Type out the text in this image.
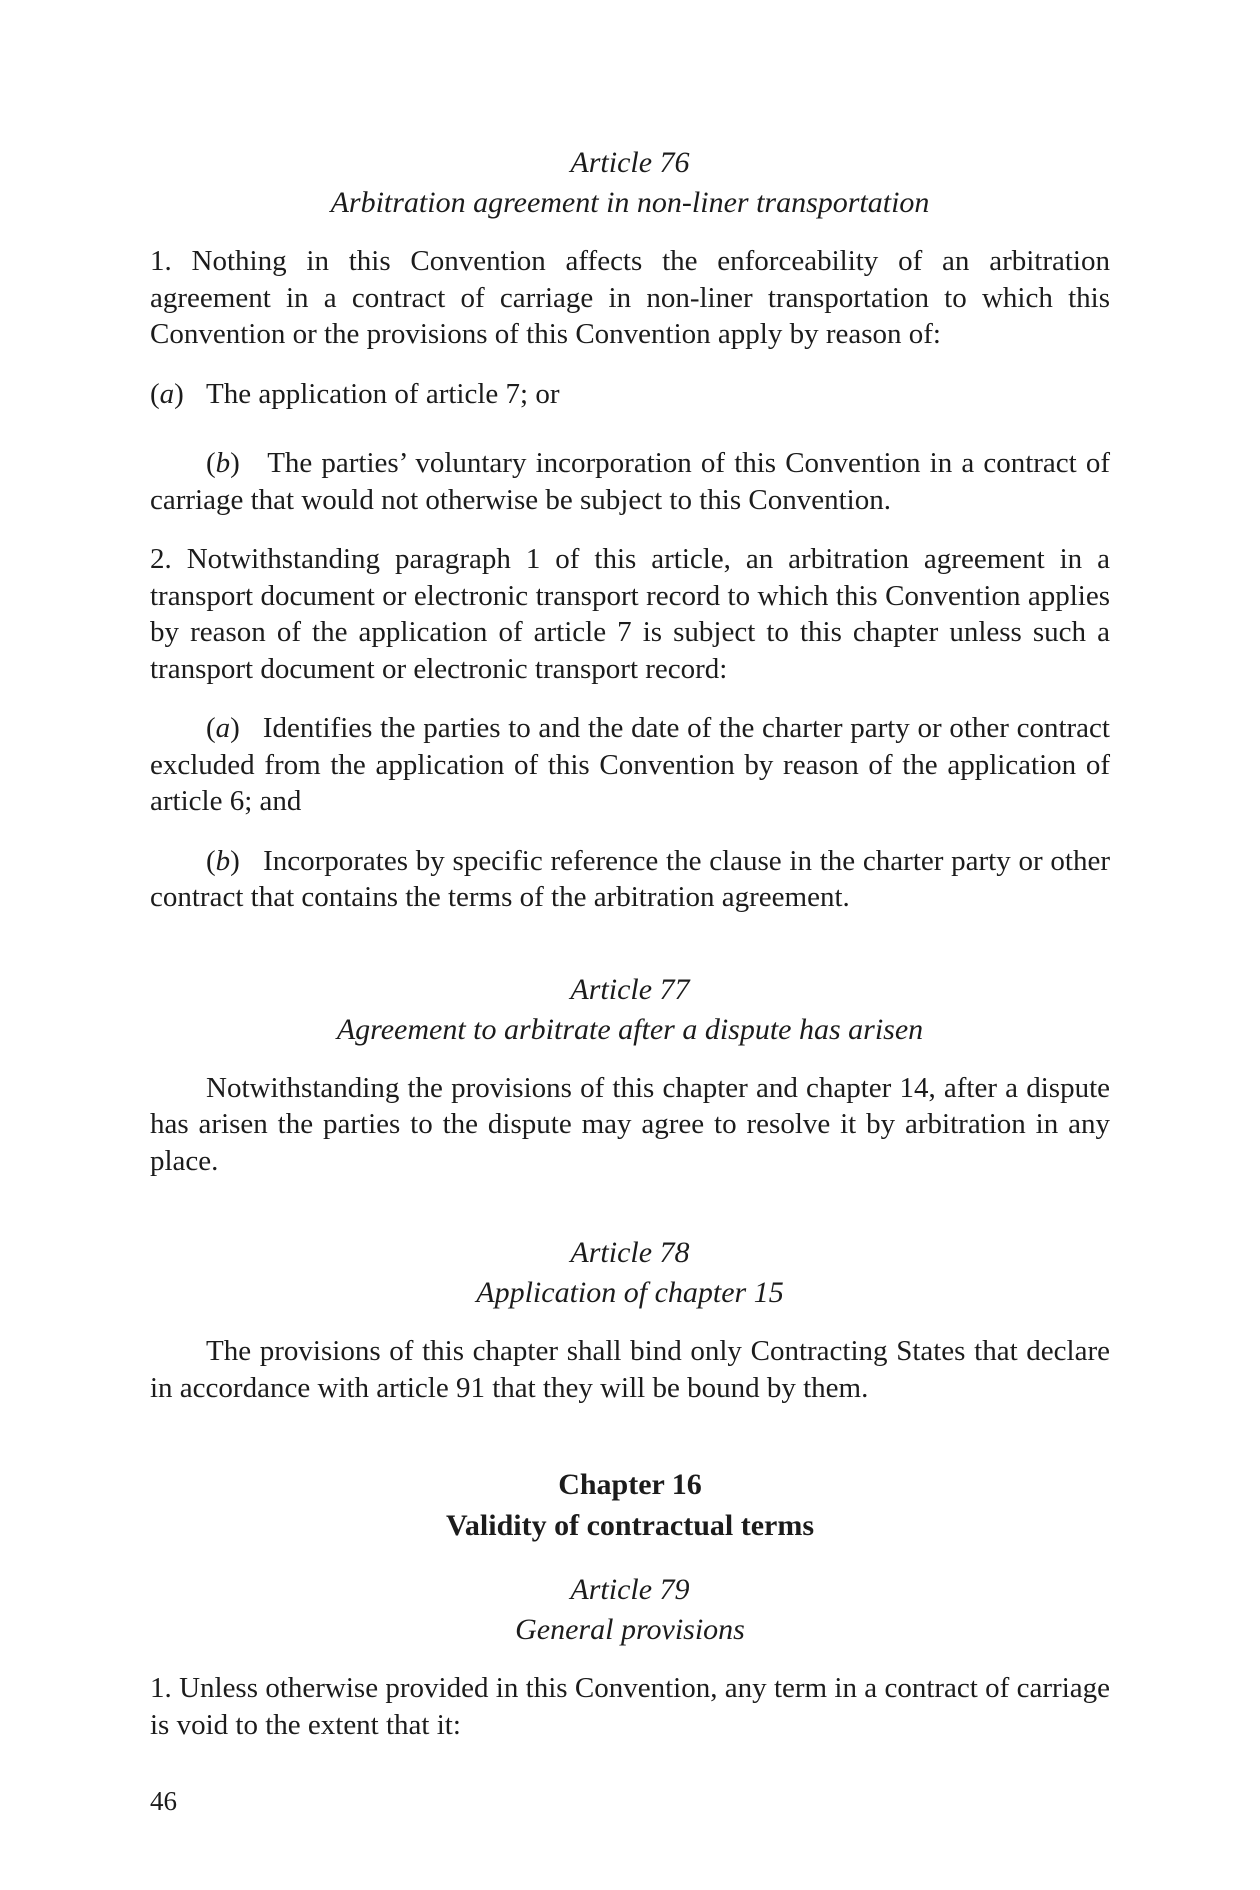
Article 76
Arbitration agreement in non-liner transportation

1. Nothing in this Convention affects the enforceability of an arbitration agreement in a contract of carriage in non-liner transportation to which this Convention or the provisions of this Convention apply by reason of:

(a) The application of article 7; or

(b)   The parties’ voluntary incorporation of this Convention in a contract of carriage that would not otherwise be subject to this Convention.

2. Notwithstanding paragraph 1 of this article, an arbitration agreement in a transport document or electronic transport record to which this Convention applies by reason of the application of article 7 is subject to this chapter unless such a transport document or electronic transport record:

(a)   Identifies the parties to and the date of the charter party or other contract excluded from the application of this Convention by reason of the application of article 6; and

(b)   Incorporates by specific reference the clause in the charter party or other contract that contains the terms of the arbitration agreement.

Article 77
Agreement to arbitrate after a dispute has arisen

Notwithstanding the provisions of this chapter and chapter 14, after a dispute has arisen the parties to the dispute may agree to resolve it by arbitration in any place.

Article 78
Application of chapter 15

The provisions of this chapter shall bind only Contracting States that declare in accordance with article 91 that they will be bound by them.

Chapter 16
Validity of contractual terms
Article 79
General provisions

1. Unless otherwise provided in this Convention, any term in a contract of carriage is void to the extent that it:

46
